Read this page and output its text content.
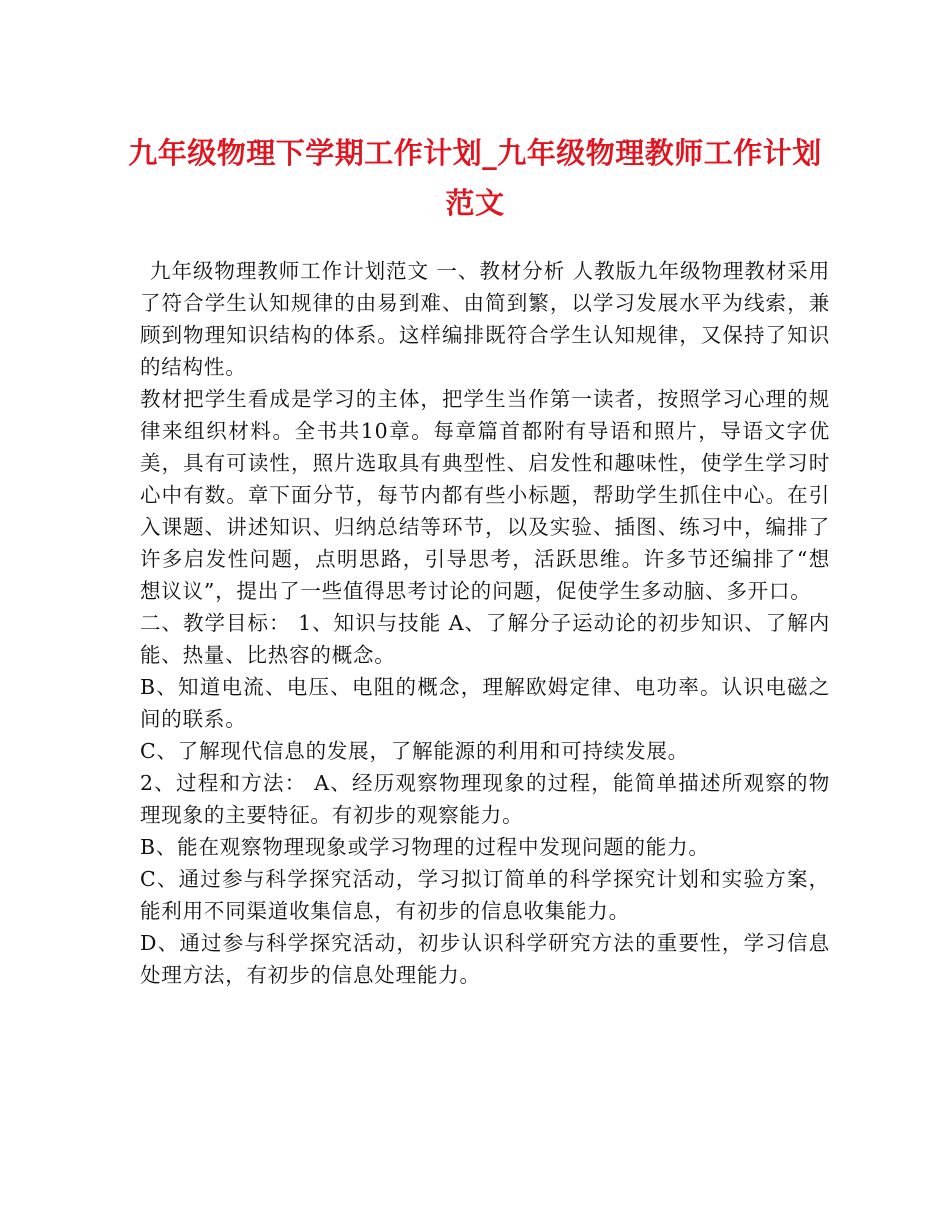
九年级物理下学期工作计划_九年级物理教师工作计划范文

九年级物理教师工作计划范文 一、教材分析 人教版九年级物理教材采用了符合学生认知规律的由易到难、由简到繁，以学习发展水平为线索，兼顾到物理知识结构的体系。这样编排既符合学生认知规律，又保持了知识的结构性。

教材把学生看成是学习的主体，把学生当作第一读者，按照学习心理的规律来组织材料。全书共10章。每章篇首都附有导语和照片，导语文字优美，具有可读性，照片选取具有典型性、启发性和趣味性，使学生学习时心中有数。章下面分节，每节内都有些小标题，帮助学生抓住中心。在引入课题、讲述知识、归纳总结等环节，以及实验、插图、练习中，编排了许多启发性问题，点明思路，引导思考，活跃思维。许多节还编排了“想想议议”，提出了一些值得思考讨论的问题，促使学生多动脑、多开口。

二、教学目标： 1、知识与技能 A、了解分子运动论的初步知识、了解内能、热量、比热容的概念。

B、知道电流、电压、电阻的概念，理解欧姆定律、电功率。认识电磁之间的联系。

C、了解现代信息的发展，了解能源的利用和可持续发展。

2、过程和方法： A、经历观察物理现象的过程，能简单描述所观察的物理现象的主要特征。有初步的观察能力。

B、能在观察物理现象或学习物理的过程中发现问题的能力。

C、通过参与科学探究活动，学习拟订简单的科学探究计划和实验方案，能利用不同渠道收集信息，有初步的信息收集能力。

D、通过参与科学探究活动，初步认识科学研究方法的重要性，学习信息处理方法，有初步的信息处理能力。
